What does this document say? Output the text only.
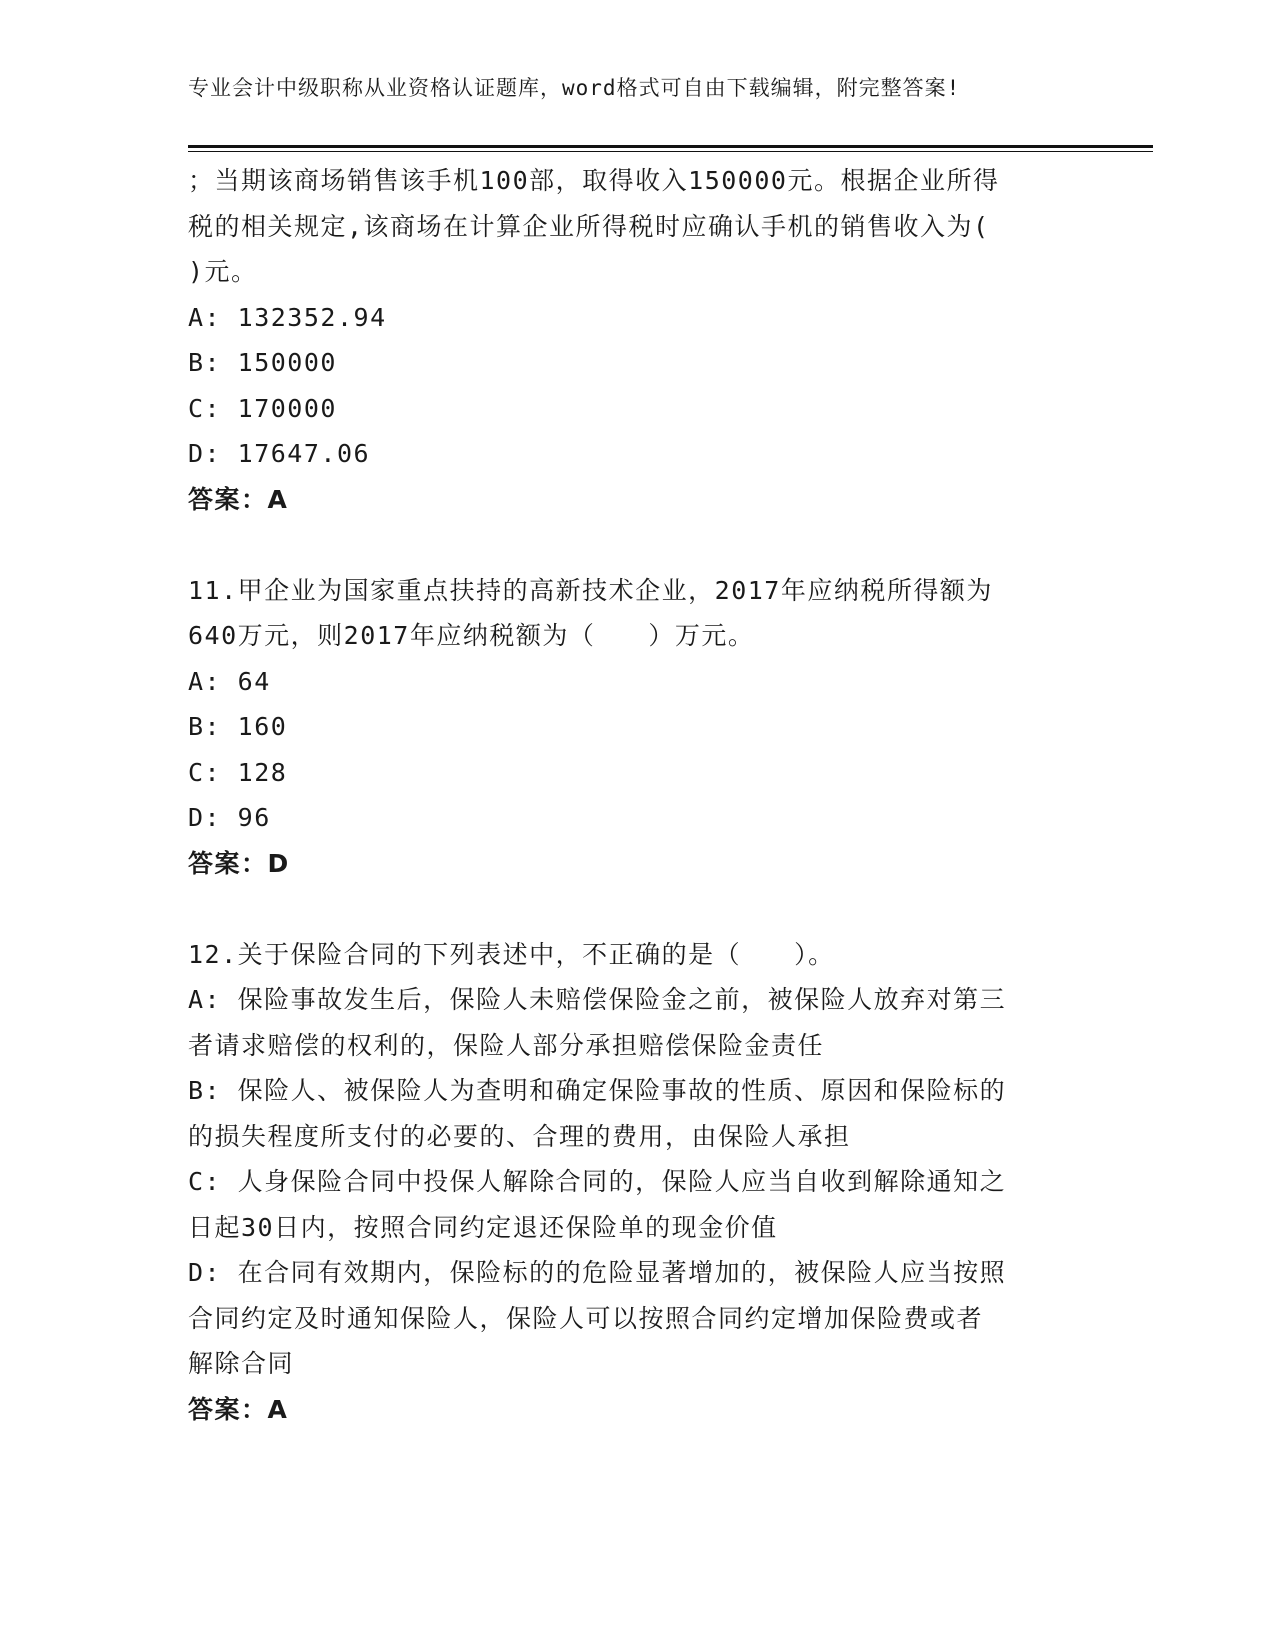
专业会计中级职称从业资格认证题库，word格式可自由下载编辑，附完整答案!

；当期该商场销售该手机100部，取得收入150000元。根据企业所得

税的相关规定,该商场在计算企业所得税时应确认手机的销售收入为(

)元。

A: 132352.94

B: 150000

C: 170000

D: 17647.06

答案：A

11.甲企业为国家重点扶持的高新技术企业，2017年应纳税所得额为

640万元，则2017年应纳税额为（　　）万元。

A: 64

B: 160

C: 128

D: 96

答案：D

12.关于保险合同的下列表述中，不正确的是（　　）。

A: 保险事故发生后，保险人未赔偿保险金之前，被保险人放弃对第三

者请求赔偿的权利的，保险人部分承担赔偿保险金责任

B: 保险人、被保险人为查明和确定保险事故的性质、原因和保险标的

的损失程度所支付的必要的、合理的费用，由保险人承担

C: 人身保险合同中投保人解除合同的，保险人应当自收到解除通知之

日起30日内，按照合同约定退还保险单的现金价值

D: 在合同有效期内，保险标的的危险显著增加的，被保险人应当按照

合同约定及时通知保险人，保险人可以按照合同约定增加保险费或者

解除合同

答案：A
